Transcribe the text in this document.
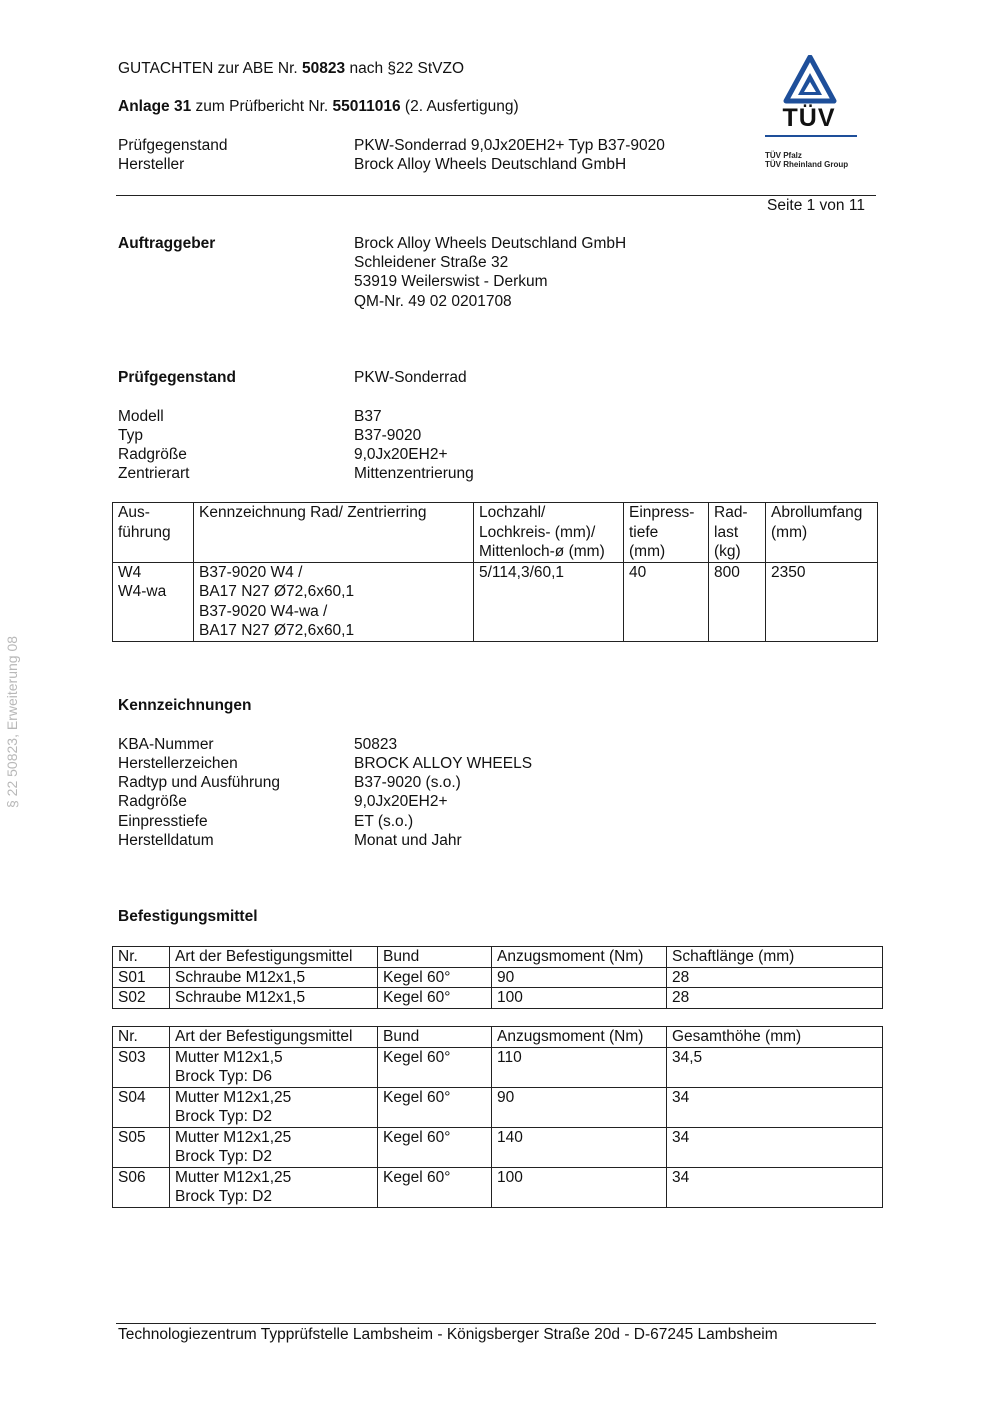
GUTACHTEN zur ABE Nr. 50823 nach §22 StVZO
Anlage 31 zum Prüfbericht Nr. 55011016 (2. Ausfertigung)
Prüfgegenstand	PKW-Sonderrad 9,0Jx20EH2+ Typ B37-9020
Hersteller	Brock Alloy Wheels Deutschland GmbH
TÜV
TÜV Pfalz
TÜV Rheinland Group
Seite 1 von 11
§ 22 50823, Erweiterung 08
Auftraggeber	Brock Alloy Wheels Deutschland GmbH
Schleidener Straße 32
53919 Weilerswist - Derkum
QM-Nr. 49 02 0201708
Prüfgegenstand	PKW-Sonderrad
Modell	B37
Typ	B37-9020
Radgröße	9,0Jx20EH2+
Zentrierart	Mittenzentrierung
Aus-
führung	Kennzeichnung Rad/ Zentrierring	Lochzahl/
Lochkreis- (mm)/
Mittenloch-ø (mm)	Einpress-
tiefe
(mm)	Rad-
last
(kg)	Abrollumfang
(mm)
W4
W4-wa	B37-9020 W4 /
BA17 N27 Ø72,6x60,1
B37-9020 W4-wa /
BA17 N27 Ø72,6x60,1	5/114,3/60,1	40	800	2350
Kennzeichnungen
KBA-Nummer	50823
Herstellerzeichen	BROCK ALLOY WHEELS
Radtyp und Ausführung	B37-9020 (s.o.)
Radgröße	9,0Jx20EH2+
Einpresstiefe	ET (s.o.)
Herstelldatum	Monat und Jahr
Befestigungsmittel
Nr.	Art der Befestigungsmittel	Bund	Anzugsmoment (Nm)	Schaftlänge (mm)
S01	Schraube M12x1,5	Kegel 60°	90	28
S02	Schraube M12x1,5	Kegel 60°	100	28
Nr.	Art der Befestigungsmittel	Bund	Anzugsmoment (Nm)	Gesamthöhe (mm)
S03	Mutter M12x1,5
Brock Typ: D6	Kegel 60°	110	34,5
S04	Mutter M12x1,25
Brock Typ: D2	Kegel 60°	90	34
S05	Mutter M12x1,25
Brock Typ: D2	Kegel 60°	140	34
S06	Mutter M12x1,25
Brock Typ: D2	Kegel 60°	100	34
Technologiezentrum Typprüfstelle Lambsheim - Königsberger Straße 20d - D-67245 Lambsheim
